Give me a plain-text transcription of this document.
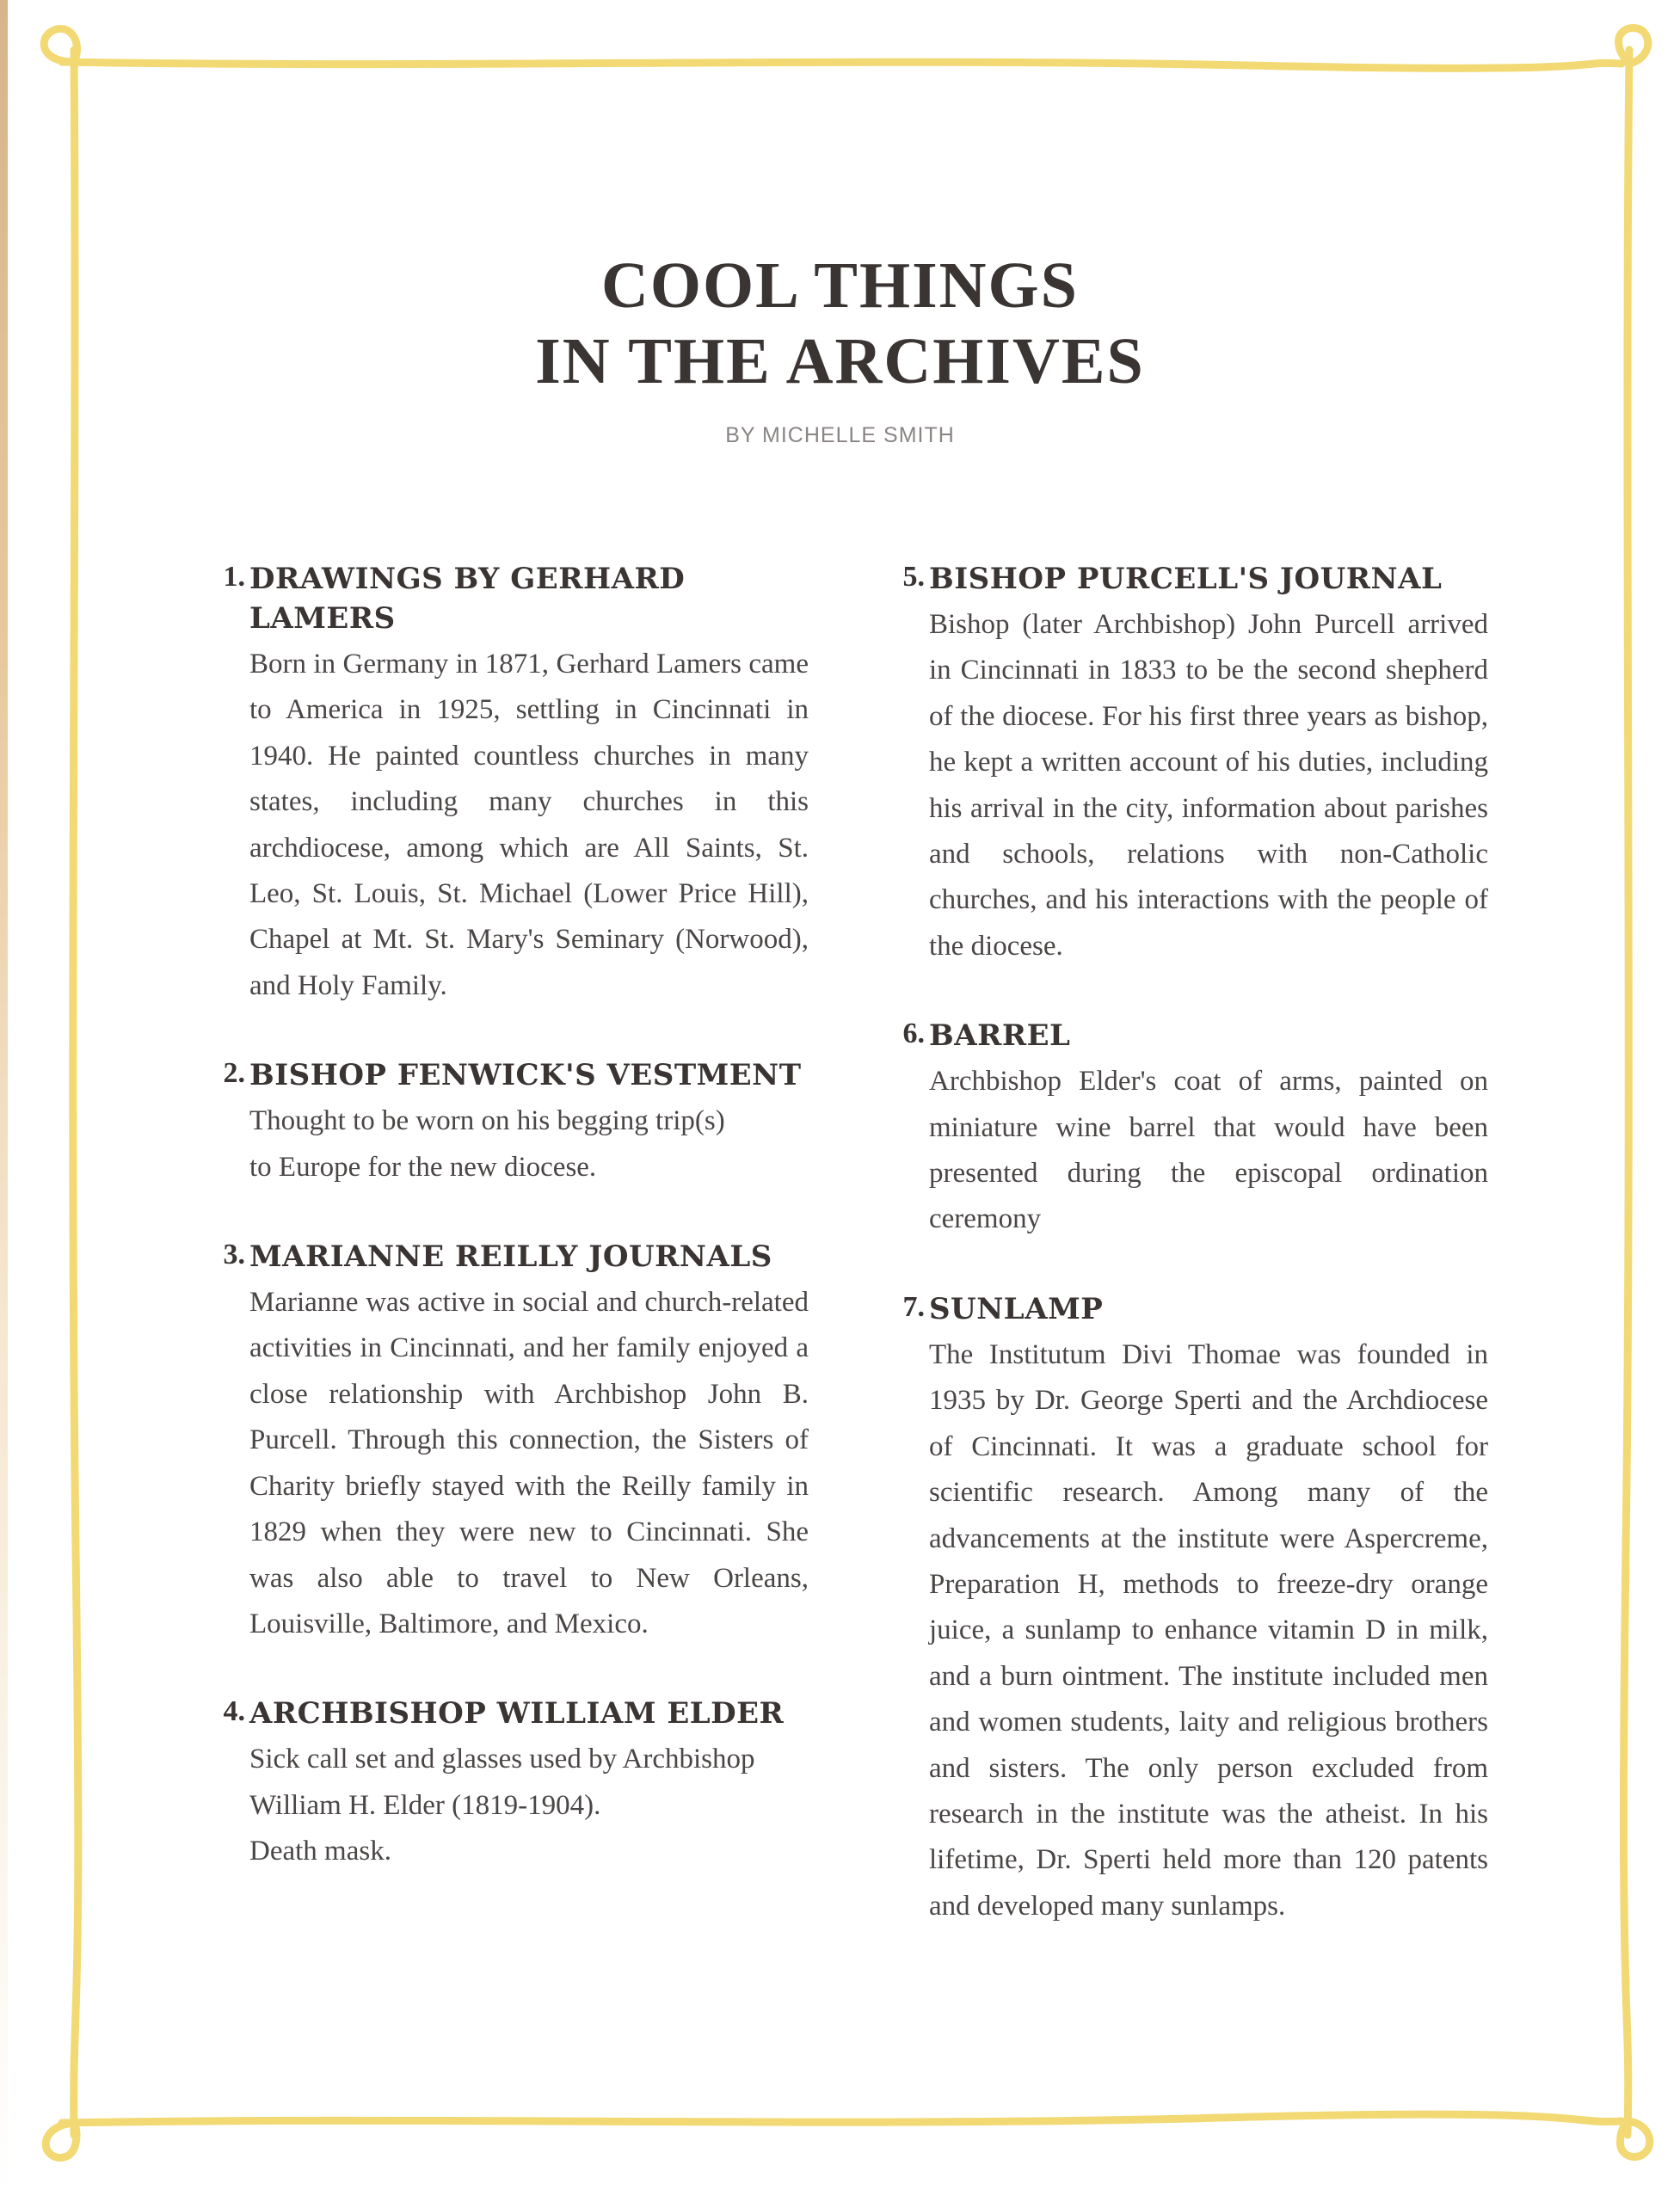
COOL THINGS
IN THE ARCHIVES
BY MICHELLE SMITH
1. DRAWINGS BY GERHARD LAMERS

Born in Germany in 1871, Gerhard Lamers came to America in 1925, settling in Cincinnati in 1940. He painted countless churches in many states, including many churches in this archdiocese, among which are All Saints, St. Leo, St. Louis, St. Michael (Lower Price Hill), Chapel at Mt. St. Mary's Seminary (Norwood), and Holy Family.

2. BISHOP FENWICK'S VESTMENT

Thought to be worn on his begging trip(s)
to Europe for the new diocese.

3. MARIANNE REILLY JOURNALS

Marianne was active in social and church-related activities in Cincinnati, and her family enjoyed a close relationship with Archbishop John B. Purcell. Through this connection, the Sisters of Charity briefly stayed with the Reilly family in 1829 when they were new to Cincinnati. She was also able to travel to New Orleans, Louisville, Baltimore, and Mexico.

4. ARCHBISHOP WILLIAM ELDER

Sick call set and glasses used by Archbishop
William H. Elder (1819-1904).
Death mask.

5. BISHOP PURCELL'S JOURNAL

Bishop (later Archbishop) John Purcell arrived in Cincinnati in 1833 to be the second shepherd of the diocese. For his first three years as bishop, he kept a written account of his duties, including his arrival in the city, information about parishes and schools, relations with non-Catholic churches, and his interactions with the people of the diocese.

6. BARREL

Archbishop Elder's coat of arms, painted on miniature wine barrel that would have been presented during the episcopal ordination ceremony

7. SUNLAMP

The Institutum Divi Thomae was founded in 1935 by Dr. George Sperti and the Archdiocese of Cincinnati. It was a graduate school for scientific research. Among many of the advancements at the institute were Aspercreme, Preparation H, methods to freeze-dry orange juice, a sunlamp to enhance vitamin D in milk, and a burn ointment. The institute included men and women students, laity and religious brothers and sisters. The only person excluded from research in the institute was the atheist. In his lifetime, Dr. Sperti held more than 120 patents and developed many sunlamps.
